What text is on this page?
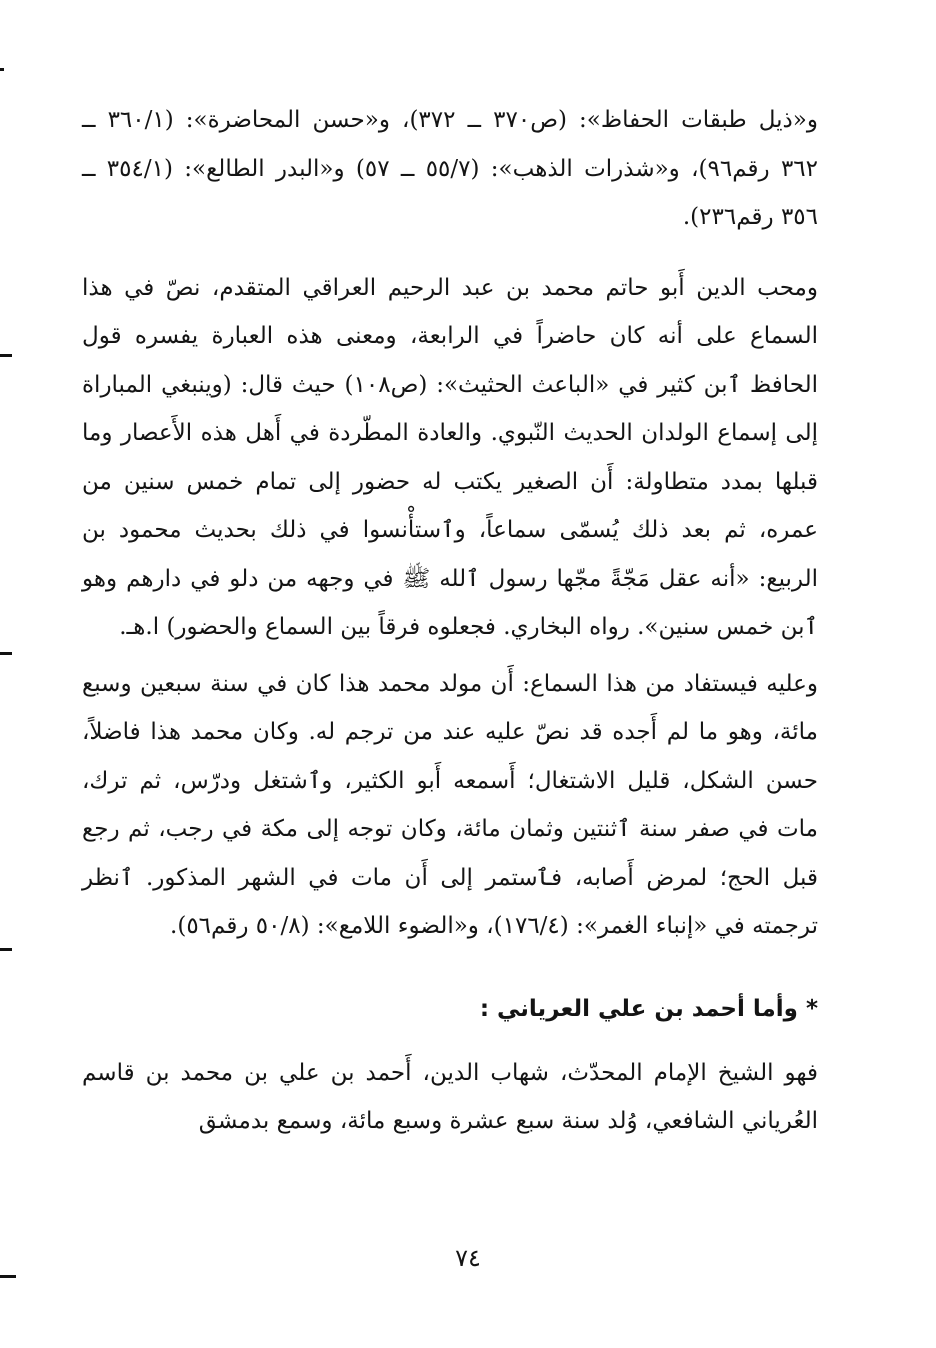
و«ذيل طبقات الحفاظ»: (ص٣٧٠ ــ ٣٧٢)، و«حسن المحاضرة»: (٣٦٠/١ ــ ٣٦٢ رقم٩٦)، و«شذرات الذهب»: (٥٥/٧ ــ ٥٧) و«البدر الطالع»: (٣٥٤/١ ــ ٣٥٦ رقم٢٣٦).

ومحب الدين أَبو حاتم محمد بن عبد الرحيم العراقي المتقدم، نصّ في هذا السماع على أنه كان حاضراً في الرابعة، ومعنى هذه العبارة يفسره قول الحافظ ٱبن كثير في «الباعث الحثيث»: (ص١٠٨) حيث قال: (وينبغي المباراة إلى إسماع الولدان الحديث النّبوي. والعادة المطّردة في أَهل هذه الأَعصار وما قبلها بمدد متطاولة: أَن الصغير يكتب له حضور إلى تمام خمس سنين من عمره، ثم بعد ذلك يُسمّى سماعاً، وٱستأْنسوا في ذلك بحديث محمود بن الربيع: «أنه عقل مَجّةً مجّها رسول ٱلله ﷺ في وجهه من دلو في دارهم وهو ٱبن خمس سنين». رواه البخاري. فجعلوه فرقاً بين السماع والحضور) ا.هـ.

وعليه فيستفاد من هذا السماع: أَن مولد محمد هذا كان في سنة سبعين وسبع مائة، وهو ما لم أَجده قد نصّ عليه عند من ترجم له. وكان محمد هذا فاضلاً، حسن الشكل، قليل الاشتغال؛ أَسمعه أَبو الكثير، وٱشتغل ودرّس، ثم ترك، مات في صفر سنة ٱثنتين وثمان مائة، وكان توجه إلى مكة في رجب، ثم رجع قبل الحج؛ لمرض أَصابه، فٱستمر إلى أَن مات في الشهر المذكور. ٱنظر ترجمته في «إنباء الغمر»: (١٧٦/٤)، و«الضوء اللامع»: (٥٠/٨ رقم٥٦).

*وأما أحمد بن علي العرياني :

فهو الشيخ الإمام المحدّث، شهاب الدين، أَحمد بن علي بن محمد بن قاسم العُرياني الشافعي، وُلد سنة سبع عشرة وسبع مائة، وسمع بدمشق

٧٤
